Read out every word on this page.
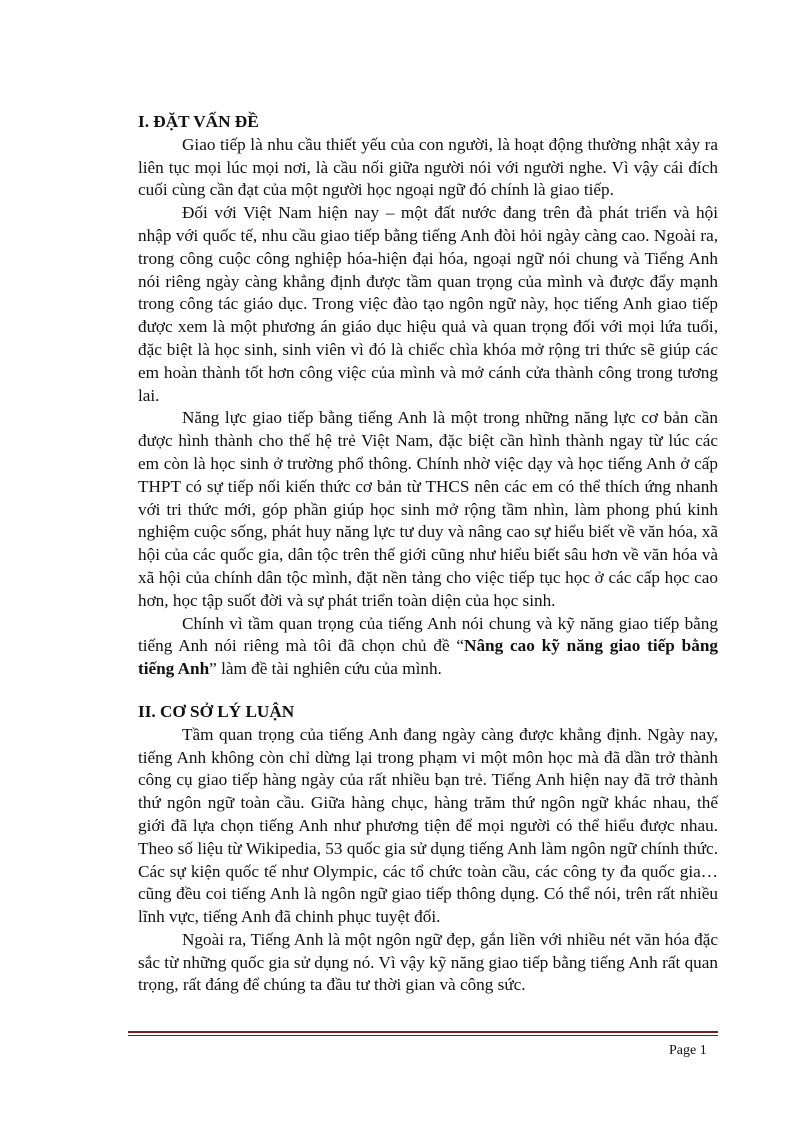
I. ĐẶT VẤN ĐỀ

Giao tiếp là nhu cầu thiết yếu của con người, là hoạt động thường nhật xảy ra liên tục mọi lúc mọi nơi, là cầu nối giữa người nói với người nghe. Vì vậy cái đích cuối cùng cần đạt của một người học ngoại ngữ đó chính là giao tiếp.

Đối với Việt Nam hiện nay – một đất nước đang trên đà phát triển và hội nhập với quốc tế, nhu cầu giao tiếp bằng tiếng Anh đòi hỏi ngày càng cao. Ngoài ra, trong công cuộc công nghiệp hóa-hiện đại hóa, ngoại ngữ nói chung và Tiếng Anh nói riêng ngày càng khẳng định được tầm quan trọng của mình và được đẩy mạnh trong công tác giáo dục. Trong việc đào tạo ngôn ngữ này, học tiếng Anh giao tiếp được xem là một phương án giáo dục hiệu quả và quan trọng đối với mọi lứa tuổi, đặc biệt là học sinh, sinh viên vì đó là chiếc chìa khóa mở rộng tri thức sẽ giúp các em hoàn thành tốt hơn công việc của mình và mở cánh cửa thành công trong tương lai.

Năng lực giao tiếp bằng tiếng Anh là một trong những năng lực cơ bản cần được hình thành cho thế hệ trẻ Việt Nam, đặc biệt cần hình thành ngay từ lúc các em còn là học sinh ở trường phổ thông. Chính nhờ việc dạy và học tiếng Anh ở cấp THPT có sự tiếp nối kiến thức cơ bản từ THCS nên các em có thể thích ứng nhanh với tri thức mới, góp phần giúp học sinh mở rộng tầm nhìn, làm phong phú kinh nghiệm cuộc sống, phát huy năng lực tư duy và nâng cao sự hiểu biết về văn hóa, xã hội của các quốc gia, dân tộc trên thế giới cũng như hiểu biết sâu hơn về văn hóa và xã hội của chính dân tộc mình, đặt nền tảng cho việc tiếp tục học ở các cấp học cao hơn, học tập suốt đời và sự phát triển toàn diện của học sinh.

Chính vì tầm quan trọng của tiếng Anh nói chung và kỹ năng giao tiếp bằng tiếng Anh nói riêng mà tôi đã chọn chủ đề “Nâng cao kỹ năng giao tiếp bằng tiếng Anh” làm đề tài nghiên cứu của mình.

II. CƠ SỞ LÝ LUẬN

Tầm quan trọng của tiếng Anh đang ngày càng được khẳng định. Ngày nay, tiếng Anh không còn chỉ dừng lại trong phạm vi một môn học mà đã dần trở thành công cụ giao tiếp hàng ngày của rất nhiều bạn trẻ. Tiếng Anh hiện nay đã trở thành thứ ngôn ngữ toàn cầu. Giữa hàng chục, hàng trăm thứ ngôn ngữ khác nhau, thế giới đã lựa chọn tiếng Anh như phương tiện để mọi người có thể hiểu được nhau. Theo số liệu từ Wikipedia, 53 quốc gia sử dụng tiếng Anh làm ngôn ngữ chính thức. Các sự kiện quốc tế như Olympic, các tổ chức toàn cầu, các công ty đa quốc gia… cũng đều coi tiếng Anh là ngôn ngữ giao tiếp thông dụng. Có thể nói, trên rất nhiều lĩnh vực, tiếng Anh đã chinh phục tuyệt đối.

Ngoài ra, Tiếng Anh là một ngôn ngữ đẹp, gắn liền với nhiều nét văn hóa đặc sắc từ những quốc gia sử dụng nó. Vì vậy kỹ năng giao tiếp bằng tiếng Anh rất quan trọng, rất đáng để chúng ta đầu tư thời gian và công sức.

Page 1
